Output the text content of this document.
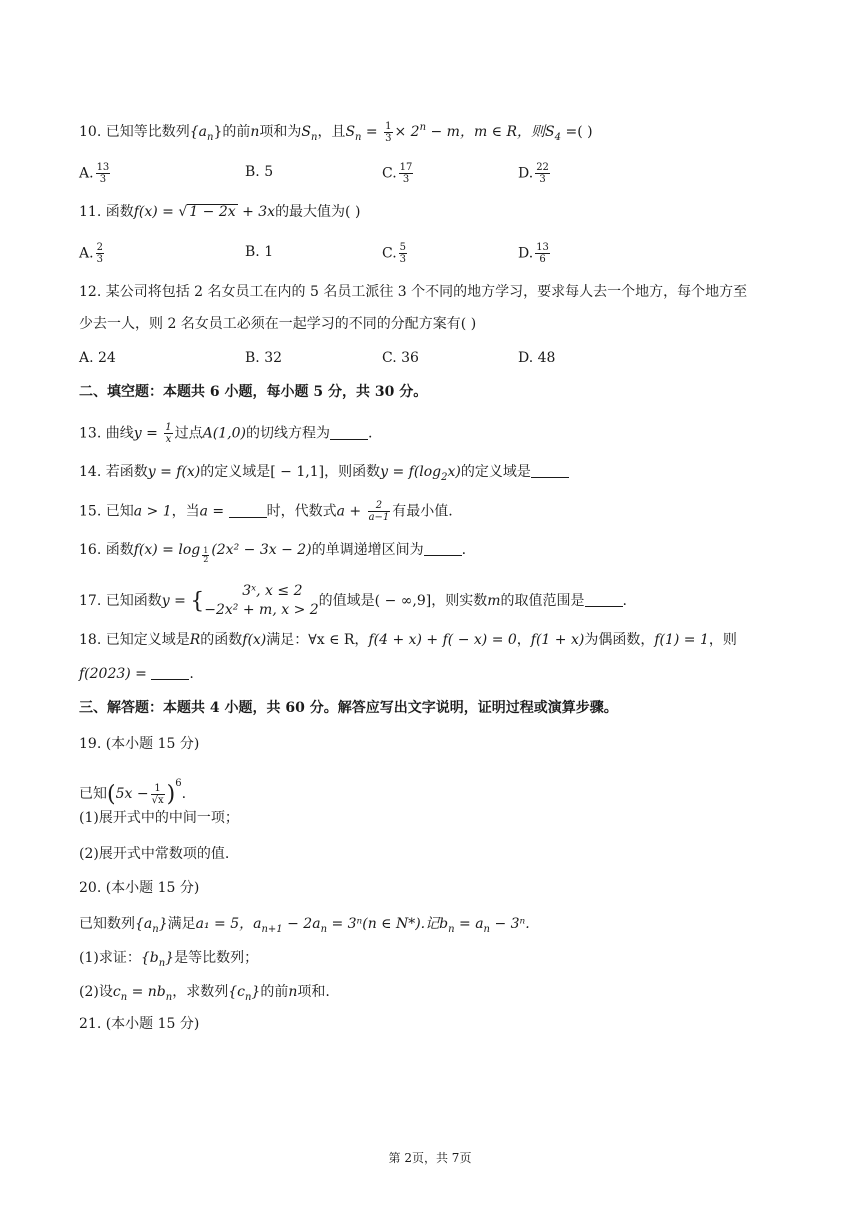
10. 已知等比数列$\{a_n\}$的前n项和为$S_n$，且$S_n = \frac{1}{3} \times 2^n - m$，m ∈ R，则$S_4$ =( )
A. $\frac{13}{3}$	B. 5	C. $\frac{17}{3}$	D. $\frac{22}{3}$
11. 函数f(x) = √ 1 − 2x + 3x的最大值为( )
A. $\frac{2}{3}$	B. 1	C. $\frac{5}{3}$	D. $\frac{13}{6}$
12. 某公司将包括 2 名女员工在内的 5 名员工派往 3 个不同的地方学习，要求每人去一个地方，每个地方至
少去一人，则 2 名女员工必须在一起学习的不同的分配方案有( )
A. 24	B. 32	C. 36	D. 48
二、填空题：本题共 6 小题，每小题 5 分，共 30 分。
13. 曲线$y = \frac{1}{x}$ 过点A(1,0)的切线方程为	.
14. 若函数y = f(x)的定义域是[ − 1,1]，则函数$y = f(\log_2x)$的定义域是
15. 已知a > 1，当a =	时，代数式$a + \frac{2}{a-1}$ 有最小值.
16. 函数$f(x) = \log \frac{1}{2} (2x^2 - 3x - 2)$的单调递增区间为	.
17. 已知函数y = {	3ˣ, x ≤ 2
−2x² + m, x > 2
的值域是( − ∞,9]，则实数m的取值范围是	.
18. 已知定义域是R的函数f(x)满足：∀x ∈ R，f(4 + x) + f( − x) = 0，f(1 + x)为偶函数，f(1) = 1，则
f(2023) =	.
三、解答题：本题共 4 小题，共 60 分。解答应写出文字说明，证明过程或演算步骤。
19. (本小题 15 分)
已知$(5x - \frac{1}{√x} )^6$.
(1)展开式中的中间一项；
(2)展开式中常数项的值.
20. (本小题 15 分)
已知数列$\{a_n\}$满足a₁ = 5，$a_{n+1} - 2a_n = 3^n(n$ ∈ N*).记$b_n = a_n - 3^n$.
(1)求证：$\{b_n\}$是等比数列；
(2)设$c_n = nb_n$，求数列$\{c_n\}$的前n项和.
21. (本小题 15 分)
第 2页，共 7页
